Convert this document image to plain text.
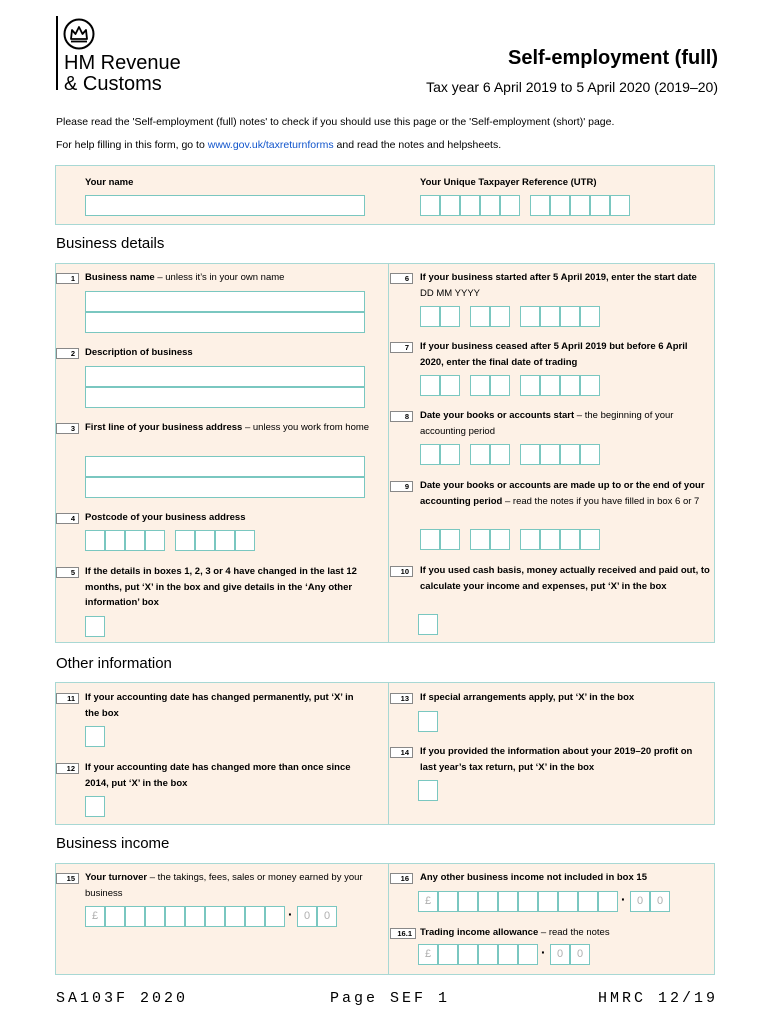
HM Revenue
& Customs
Self-employment (full)
Tax year 6 April 2019 to 5 April 2020 (2019–20)
Please read the 'Self-employment (full) notes' to check if you should use this page or the 'Self-employment (short)' page.
For help filling in this form, go to www.gov.uk/taxreturnforms and read the notes and helpsheets.
Your name	Your Unique Taxpayer Reference (UTR)
Business details
1	Business name – unless it’s in your own name
2	Description of business
3	First line of your business address – unless you work from home
4	Postcode of your business address
5	If the details in boxes 1, 2, 3 or 4 have changed in the last 12 months, put ‘X’ in the box and give details in the ‘Any other information’ box
6	If your business started after 5 April 2019, enter the start date DD MM YYYY
7	If your business ceased after 5 April 2019 but before 6 April 2020, enter the final date of trading
8	Date your books or accounts start – the beginning of your accounting period
9	Date your books or accounts are made up to or the end of your accounting period – read the notes if you have filled in box 6 or 7
10	If you used cash basis, money actually received and paid out, to calculate your income and expenses, put ‘X’ in the box
Other information
11	If your accounting date has changed permanently, put ‘X’ in the box
12	If your accounting date has changed more than once since 2014, put ‘X’ in the box
13	If special arrangements apply, put ‘X’ in the box
14	If you provided the information about your 2019–20 profit on last year’s tax return, put ‘X’ in the box
Business income
15	Your turnover – the takings, fees, sales or money earned by your business
16	Any other business income not included in box 15
16.1 Trading income allowance – read the notes
SA103F 2020	Page SEF 1	HMRC 12/19
£	·	0	0
£	·	0	0
£	·	0	0
